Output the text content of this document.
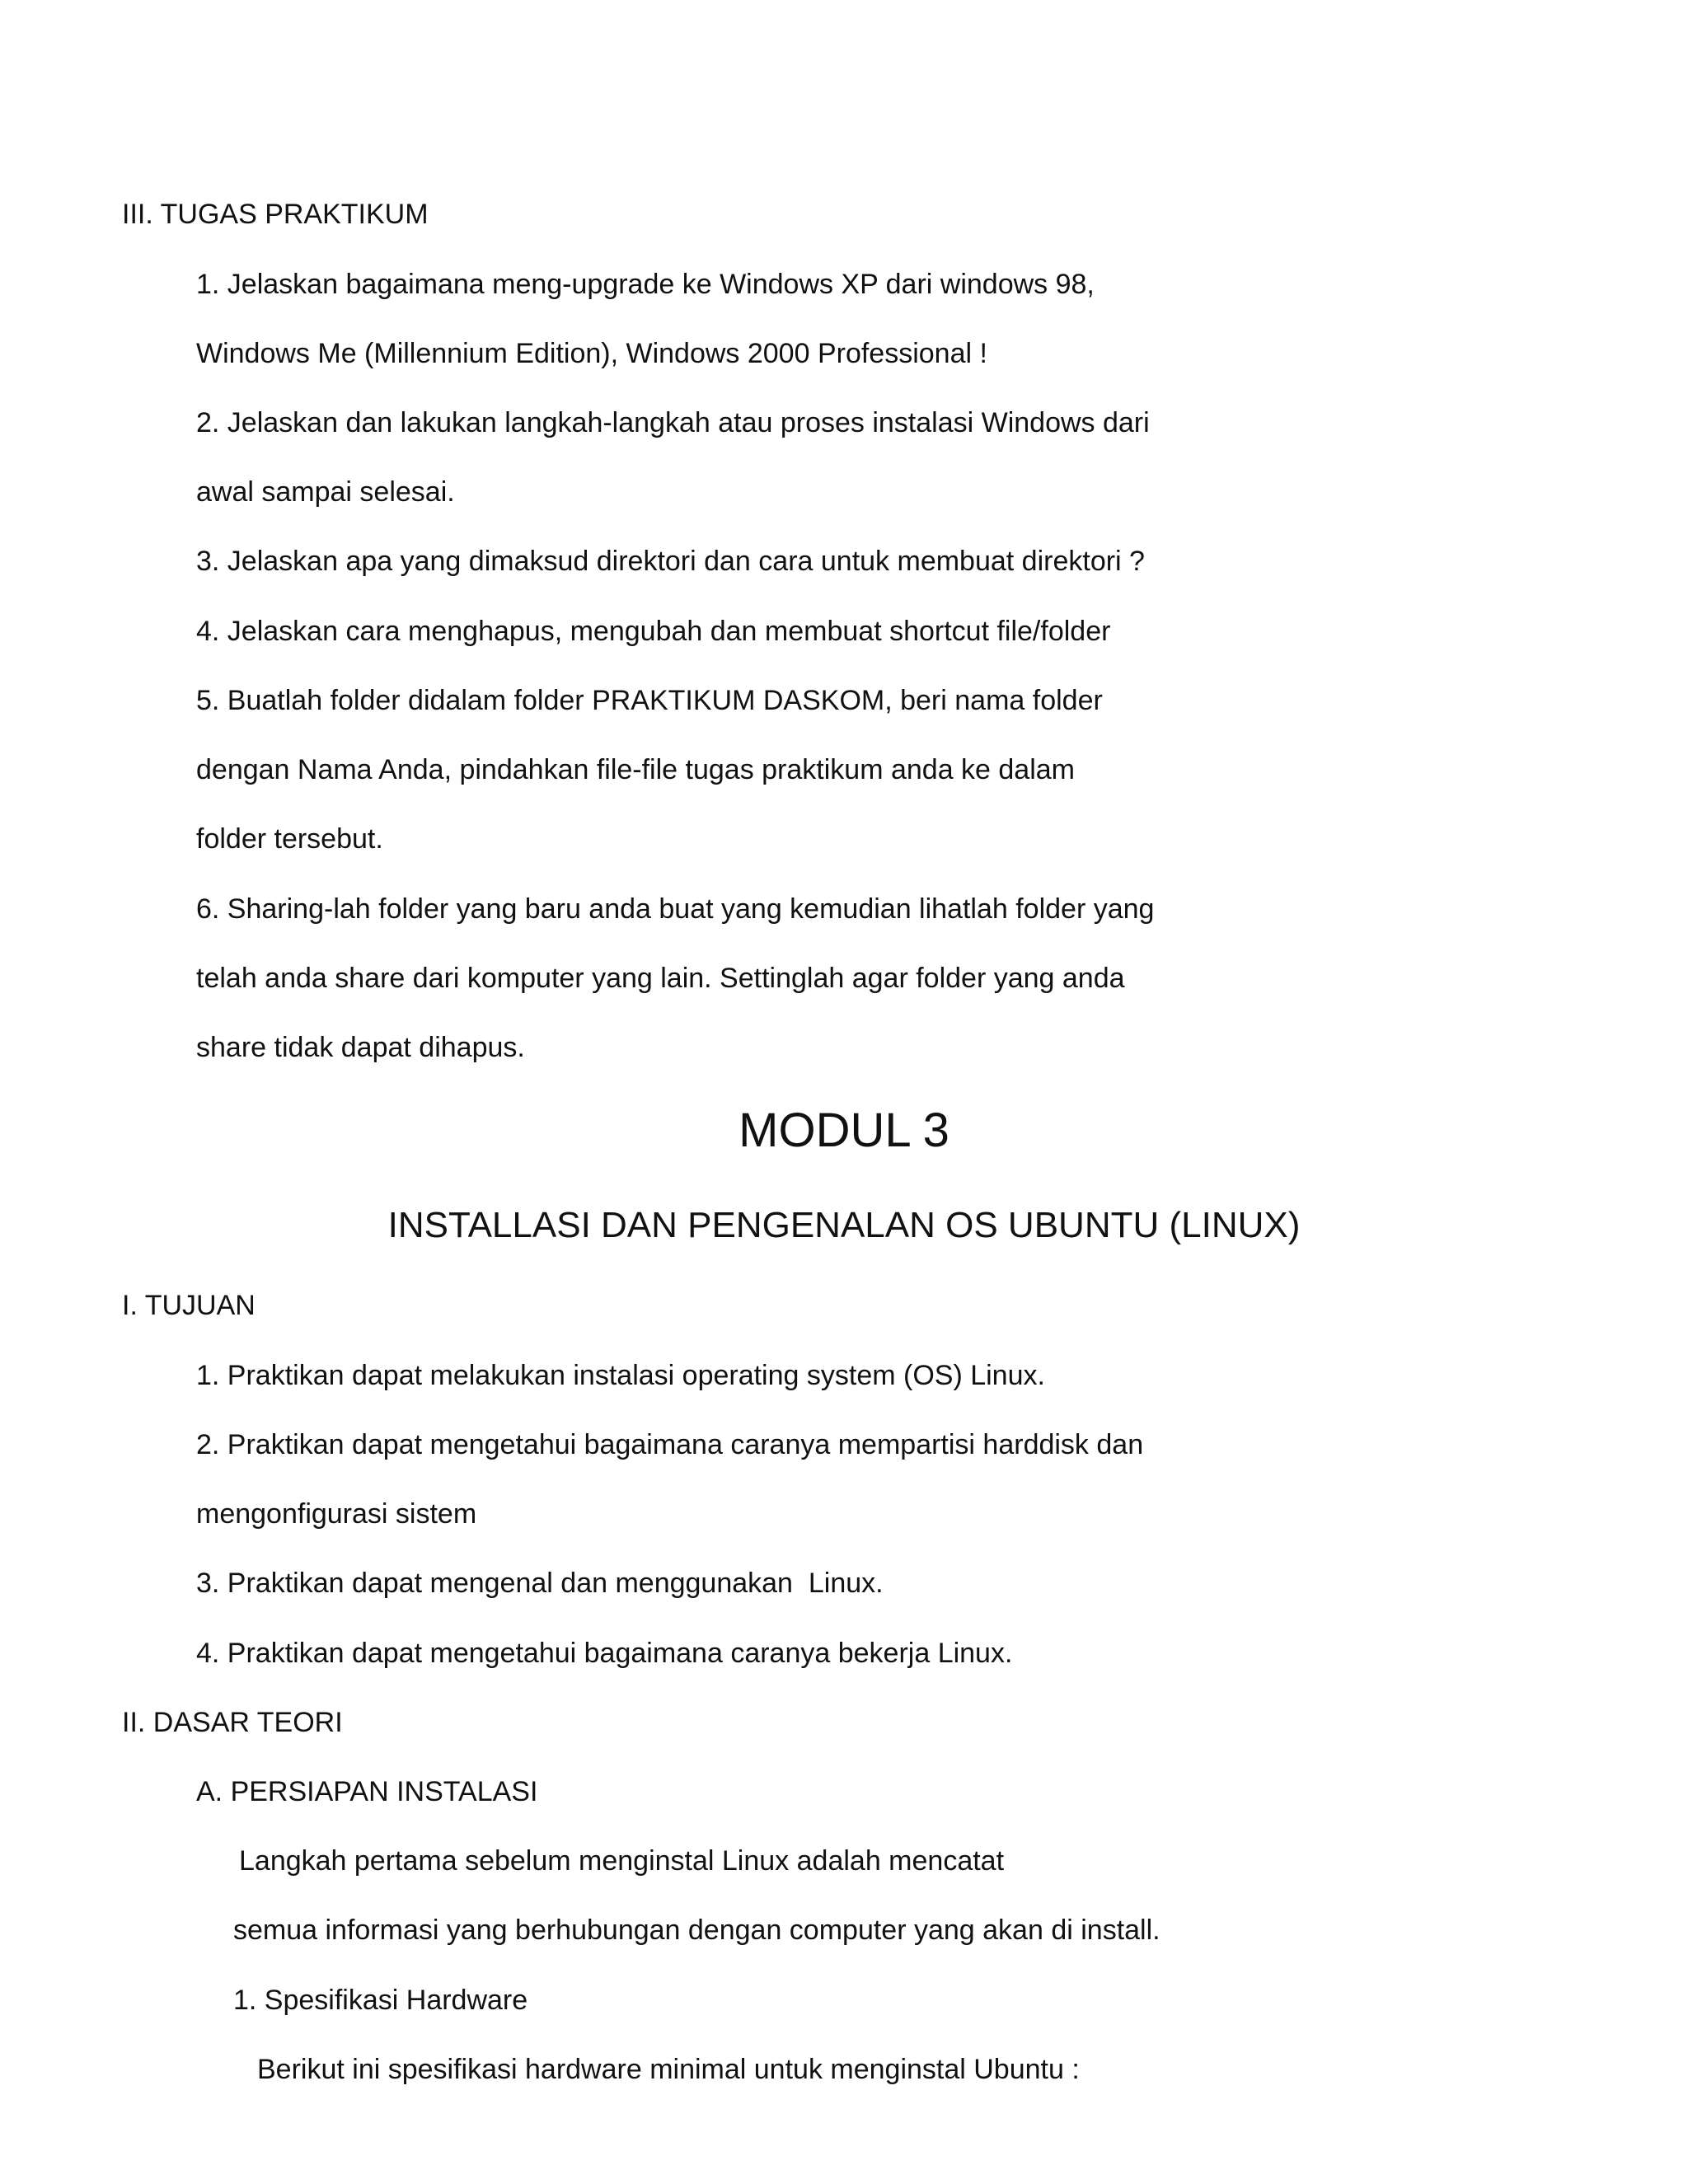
III. TUGAS PRAKTIKUM
1. Jelaskan bagaimana meng-upgrade ke Windows XP dari windows 98,
Windows Me (Millennium Edition), Windows 2000 Professional !
2. Jelaskan dan lakukan langkah-langkah atau proses instalasi Windows dari
awal sampai selesai.
3. Jelaskan apa yang dimaksud direktori dan cara untuk membuat direktori ?
4. Jelaskan cara menghapus, mengubah dan membuat shortcut file/folder
5. Buatlah folder didalam folder PRAKTIKUM DASKOM, beri nama folder
dengan Nama Anda, pindahkan file-file tugas praktikum anda ke dalam
folder tersebut.
6. Sharing-lah folder yang baru anda buat yang kemudian lihatlah folder yang
telah anda share dari komputer yang lain. Settinglah agar folder yang anda
share tidak dapat dihapus.
MODUL 3
INSTALLASI DAN PENGENALAN OS UBUNTU (LINUX)
I. TUJUAN
1. Praktikan dapat melakukan instalasi operating system (OS) Linux.
2. Praktikan dapat mengetahui bagaimana caranya mempartisi harddisk dan
mengonfigurasi sistem
3. Praktikan dapat mengenal dan menggunakan  Linux.
4. Praktikan dapat mengetahui bagaimana caranya bekerja Linux.
II. DASAR TEORI
A. PERSIAPAN INSTALASI
Langkah pertama sebelum menginstal Linux adalah mencatat
semua informasi yang berhubungan dengan computer yang akan di install.
1. Spesifikasi Hardware
Berikut ini spesifikasi hardware minimal untuk menginstal Ubuntu :
